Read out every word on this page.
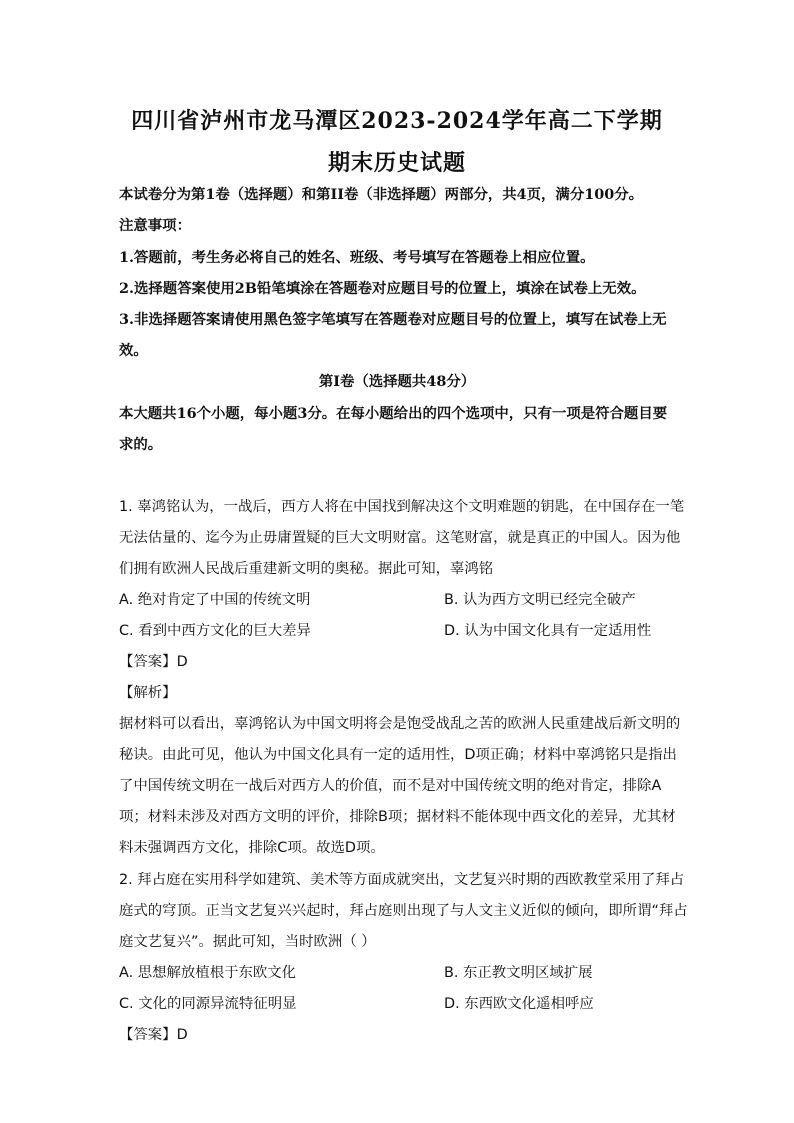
四川省泸州市龙马潭区2023-2024学年高二下学期
期末历史试题
本试卷分为第1卷（选择题）和第II卷（非选择题）两部分，共4页，满分100分。
注意事项：
1.答题前，考生务必将自己的姓名、班级、考号填写在答题卷上相应位置。
2.选择题答案使用2B铅笔填涂在答题卷对应题目号的位置上，填涂在试卷上无效。
3.非选择题答案请使用黑色签字笔填写在答题卷对应题目号的位置上，填写在试卷上无
效。
第I卷（选择题共48分）
本大题共16个小题，每小题3分。在每小题给出的四个选项中，只有一项是符合题目要
求的。
1. 辜鸿铭认为，一战后，西方人将在中国找到解决这个文明难题的钥匙，在中国存在一笔
无法估量的、迄今为止毋庸置疑的巨大文明财富。这笔财富，就是真正的中国人。因为他
们拥有欧洲人民战后重建新文明的奥秘。据此可知，辜鸿铭
A. 绝对肯定了中国的传统文明	B. 认为西方文明已经完全破产
C. 看到中西方文化的巨大差异	D. 认为中国文化具有一定适用性
【答案】D
【解析】
据材料可以看出，辜鸿铭认为中国文明将会是饱受战乱之苦的欧洲人民重建战后新文明的
秘诀。由此可见，他认为中国文化具有一定的适用性，D项正确；材料中辜鸿铭只是指出
了中国传统文明在一战后对西方人的价值，而不是对中国传统文明的绝对肯定，排除A
项；材料未涉及对西方文明的评价，排除B项；据材料不能体现中西文化的差异，尤其材
料未强调西方文化，排除C项。故选D项。
2. 拜占庭在实用科学如建筑、美术等方面成就突出，文艺复兴时期的西欧教堂采用了拜占
庭式的穹顶。正当文艺复兴兴起时，拜占庭则出现了与人文主义近似的倾向，即所谓“拜占
庭文艺复兴”。据此可知，当时欧洲（ ）
A. 思想解放植根于东欧文化	B. 东正教文明区域扩展
C. 文化的同源异流特征明显	D. 东西欧文化遥相呼应
【答案】D
